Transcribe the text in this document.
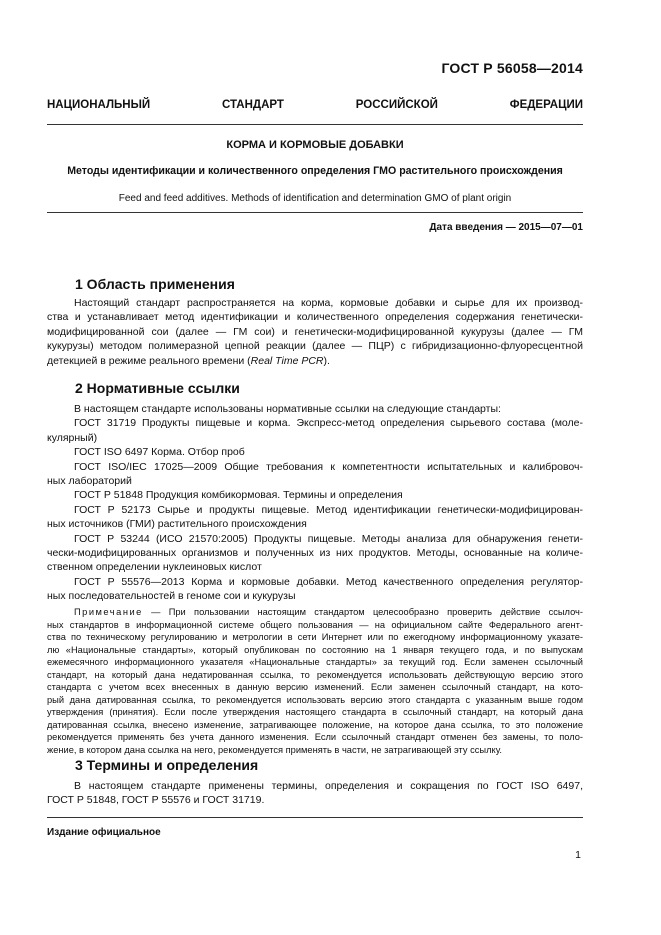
ГОСТ Р 56058—2014
НАЦИОНАЛЬНЫЙ СТАНДАРТ РОССИЙСКОЙ ФЕДЕРАЦИИ
КОРМА И КОРМОВЫЕ ДОБАВКИ
Методы идентификации и количественного определения ГМО растительного происхождения
Feed and feed additives. Methods of identification and determination GMO of plant origin
Дата введения — 2015—07—01
1 Область применения
Настоящий стандарт распространяется на корма, кормовые добавки и сырье для их производ-
ства и устанавливает метод идентификации и количественного определения содержания генетически-
модифицированной сои (далее — ГМ сои) и генетически-модифицированной кукурузы (далее — ГМ
кукурузы) методом полимеразной цепной реакции (далее — ПЦР) с гибридизационно-флуоресцентной
детекцией в режиме реального времени (Real Time PCR).
2 Нормативные ссылки
В настоящем стандарте использованы нормативные ссылки на следующие стандарты:
ГОСТ 31719 Продукты пищевые и корма. Экспресс-метод определения сырьевого состава (моле-
кулярный)
ГОСТ ISO 6497 Корма. Отбор проб
ГОСТ ISO/IEC 17025—2009 Общие требования к компетентности испытательных и калибровоч-
ных лабораторий
ГОСТ Р 51848 Продукция комбикормовая. Термины и определения
ГОСТ Р 52173 Сырье и продукты пищевые. Метод идентификации генетически-модифицирован-
ных источников (ГМИ) растительного происхождения
ГОСТ Р 53244 (ИСО 21570:2005) Продукты пищевые. Методы анализа для обнаружения генети-
чески-модифицированных организмов и полученных из них продуктов. Методы, основанные на количе-
ственном определении нуклеиновых кислот
ГОСТ Р 55576—2013 Корма и кормовые добавки. Метод качественного определения регулятор-
ных последовательностей в геноме сои и кукурузы
Примечание — При пользовании настоящим стандартом целесообразно проверить действие ссылоч-
ных стандартов в информационной системе общего пользования — на официальном сайте Федерального агент-
ства по техническому регулированию и метрологии в сети Интернет или по ежегодному информационному указате-
лю «Национальные стандарты», который опубликован по состоянию на 1 января текущего года, и по выпускам
ежемесячного информационного указателя «Национальные стандарты» за текущий год. Если заменен ссылочный
стандарт, на который дана недатированная ссылка, то рекомендуется использовать действующую версию этого
стандарта с учетом всех внесенных в данную версию изменений. Если заменен ссылочный стандарт, на кото-
рый дана датированная ссылка, то рекомендуется использовать версию этого стандарта с указанным выше годом
утверждения (принятия). Если после утверждения настоящего стандарта в ссылочный стандарт, на который дана
датированная ссылка, внесено изменение, затрагивающее положение, на которое дана ссылка, то это положение
рекомендуется применять без учета данного изменения. Если ссылочный стандарт отменен без замены, то поло-
жение, в котором дана ссылка на него, рекомендуется применять в части, не затрагивающей эту ссылку.
3 Термины и определения
В настоящем стандарте применены термины, определения и сокращения по ГОСТ ISO 6497,
ГОСТ Р 51848, ГОСТ Р 55576 и ГОСТ 31719.
Издание официальное
1
